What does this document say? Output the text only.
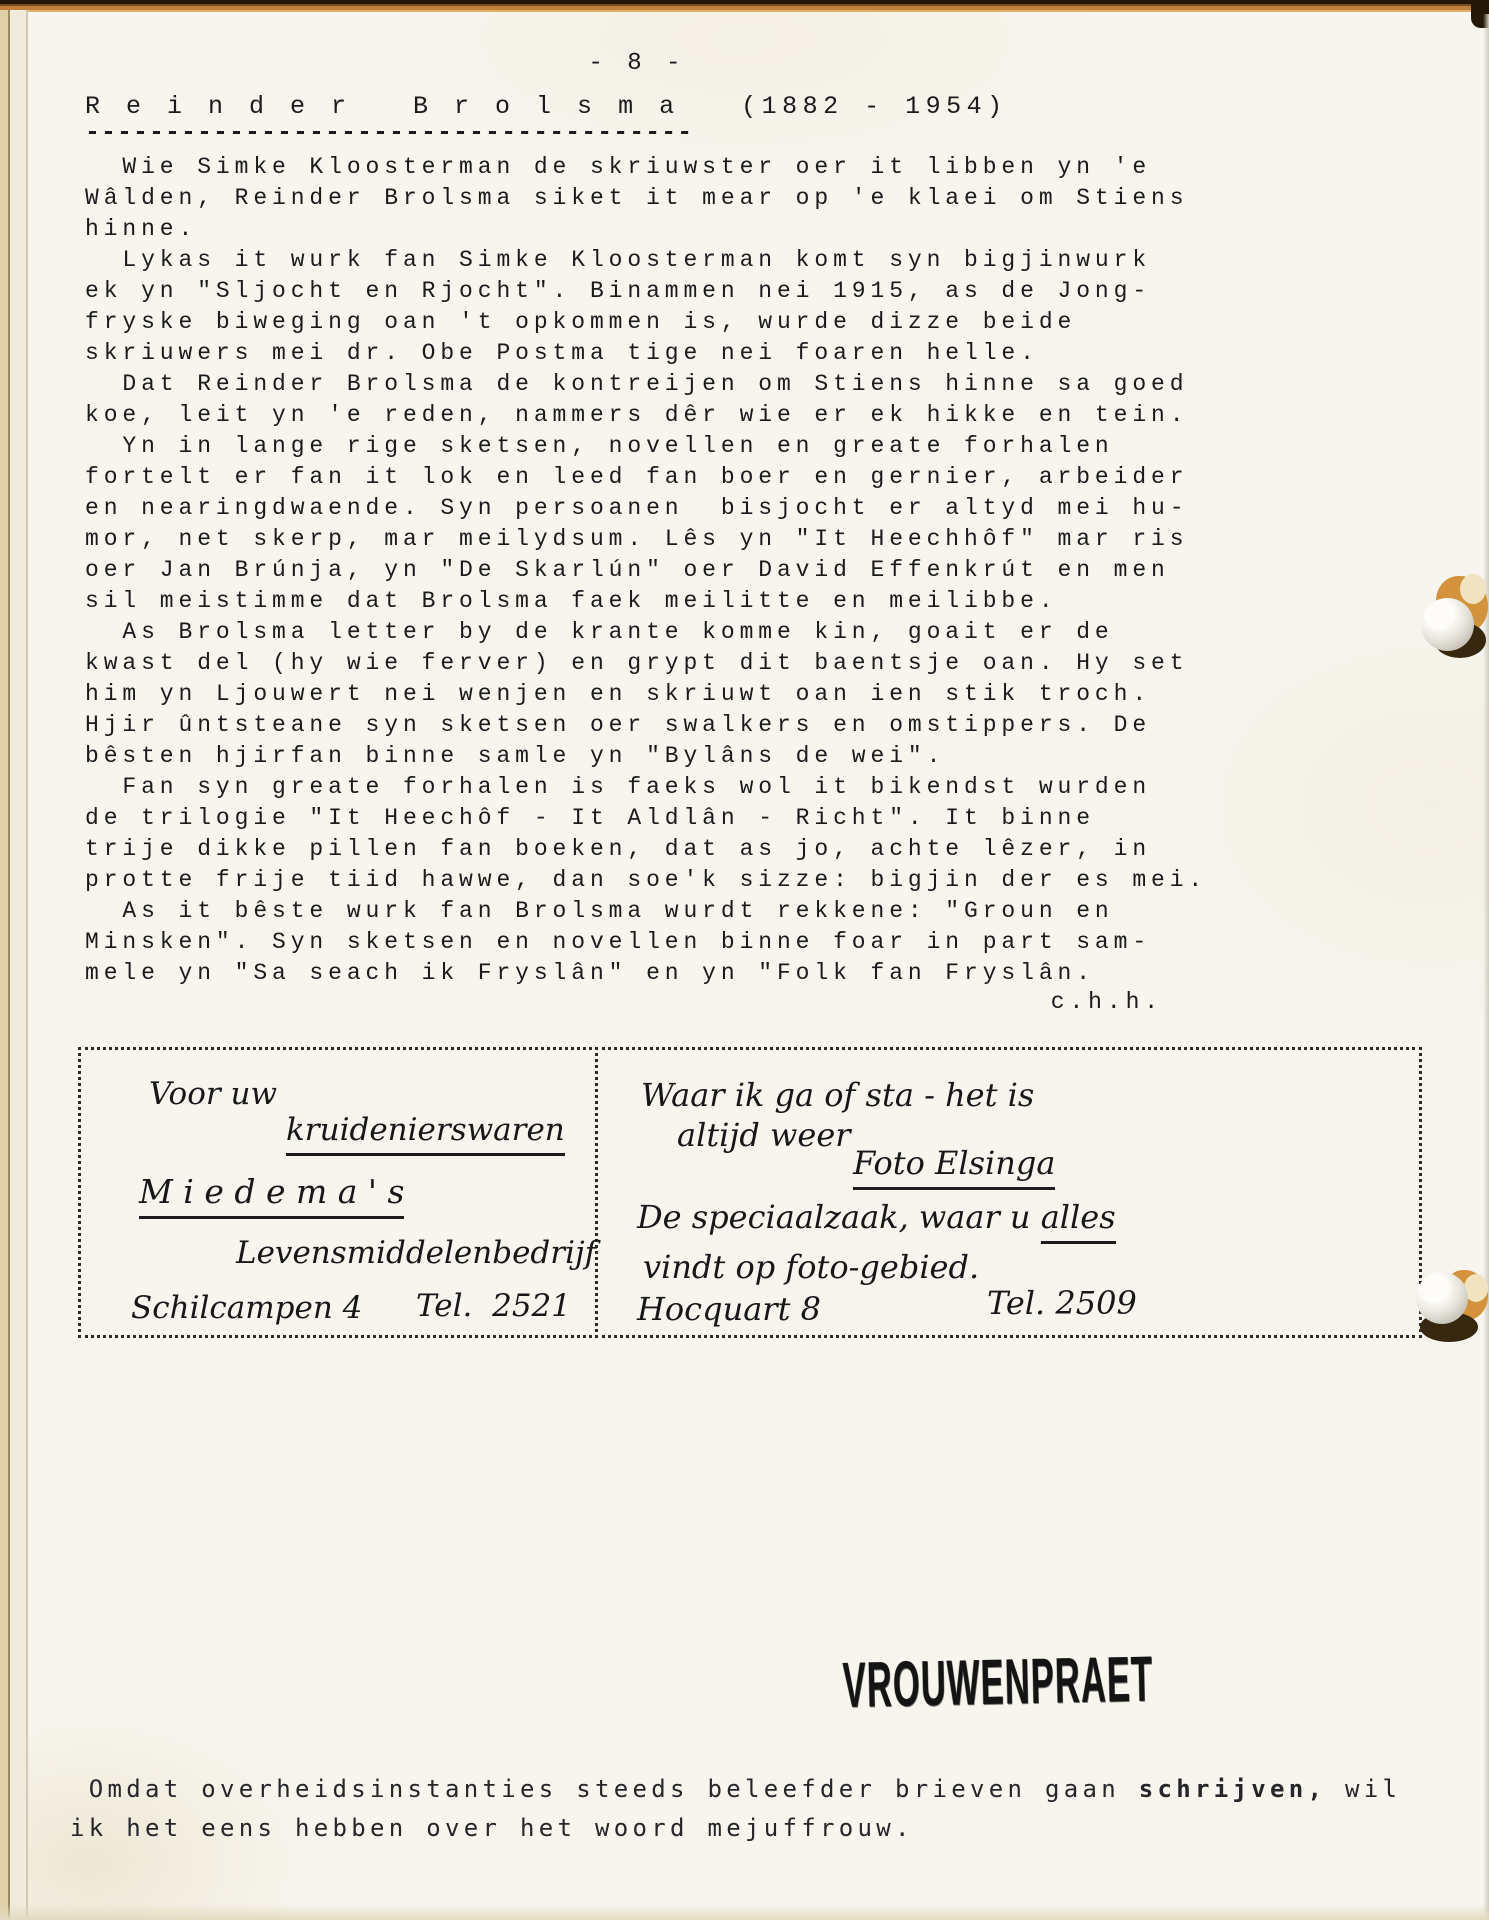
- 8 -
R e i n d e r   B r o l s m a   (1882 - 1954)
--------------------------------------
Wie Simke Kloosterman de skriuwster oer it libben yn 'e
Wâlden, Reinder Brolsma siket it mear op 'e klaei om Stiens
hinne.
Lykas it wurk fan Simke Kloosterman komt syn bigjinwurk
ek yn "Sljocht en Rjocht". Binammen nei 1915, as de Jong-
fryske biweging oan 't opkommen is, wurde dizze beide
skriuwers mei dr. Obe Postma tige nei foaren helle.
Dat Reinder Brolsma de kontreijen om Stiens hinne sa goed
koe, leit yn 'e reden, nammers dêr wie er ek hikke en tein.
Yn in lange rige sketsen, novellen en greate forhalen
fortelt er fan it lok en leed fan boer en gernier, arbeider
en nearingdwaende. Syn persoanen  bisjocht er altyd mei hu-
mor, net skerp, mar meilydsum. Lês yn "It Heechhôf" mar ris
oer Jan Brúnja, yn "De Skarlún" oer David Effenkrút en men
sil meistimme dat Brolsma faek meilitte en meilibbe.
As Brolsma letter by de krante komme kin, goait er de
kwast del (hy wie ferver) en grypt dit baentsje oan. Hy set
him yn Ljouwert nei wenjen en skriuwt oan ien stik troch.
Hjir ûntsteane syn sketsen oer swalkers en omstippers. De
bêsten hjirfan binne samle yn "Bylâns de wei".
Fan syn greate forhalen is faeks wol it bikendst wurden
de trilogie "It Heechôf - It Aldlân - Richt". It binne
trije dikke pillen fan boeken, dat as jo, achte lêzer, in
protte frije tiid hawwe, dan soe'k sizze: bigjin der es mei.
As it bêste wurk fan Brolsma wurdt rekkene: "Groun en
Minsken". Syn sketsen en novellen binne foar in part sam-
mele yn "Sa seach ik Fryslân" en yn "Folk fan Fryslân.
c.h.h.
Voor uw
kruidenierswaren
M i e d e m a ' s
Levensmiddelenbedrijf
Schilcampen 4 Tel.  2521
Waar ik ga of sta - het is
altijd weer
Foto Elsinga
De speciaalzaak, waar u alles
vindt op foto-gebied.
Hocquart 8	Tel. 2509
VROUWENPRAET
Omdat overheidsinstanties steeds beleefder brieven gaan schrijven, wil
ik het eens hebben over het woord mejuffrouw.
